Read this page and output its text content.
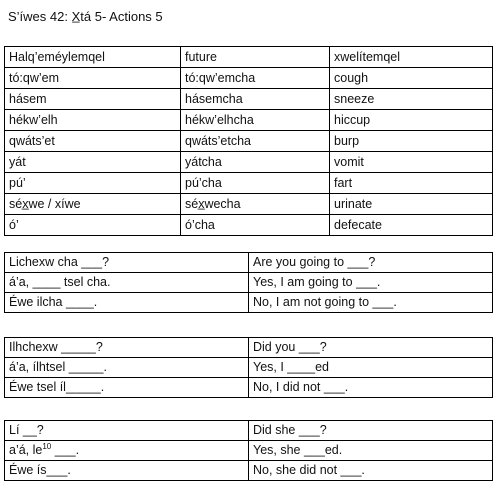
S’íwes 42: X̲tá 5- Actions 5
Halq’eméylemqel	future	xwelítemqel
tó:qw’em	tó:qw’emcha	cough
hásem	hásemcha	sneeze
hékw’elh	hékw’elhcha	hiccup
qwáts’et	qwáts’etcha	burp
yát	yátcha	vomit
pú’	pú’cha	fart
séx̲we / xíwe	séx̲wecha	urinate
ó’	ó’cha	defecate
Lichexw cha ___?	Are you going to ___?
á’a, ____ tsel cha.	Yes, I am going to ___.
Éwe ilcha ____.	No, I am not going to ___.
Ilhchexw _____?	Did you ___?
á’a, ílhtsel _____.	Yes, I ____ed
Éwe tsel íl_____.	No, I did not ___.
Lí __?	Did she ___?
a’á, $le^{10}$ ___.	Yes, she ___ed.
Éwe ís___.	No, she did not ___.
